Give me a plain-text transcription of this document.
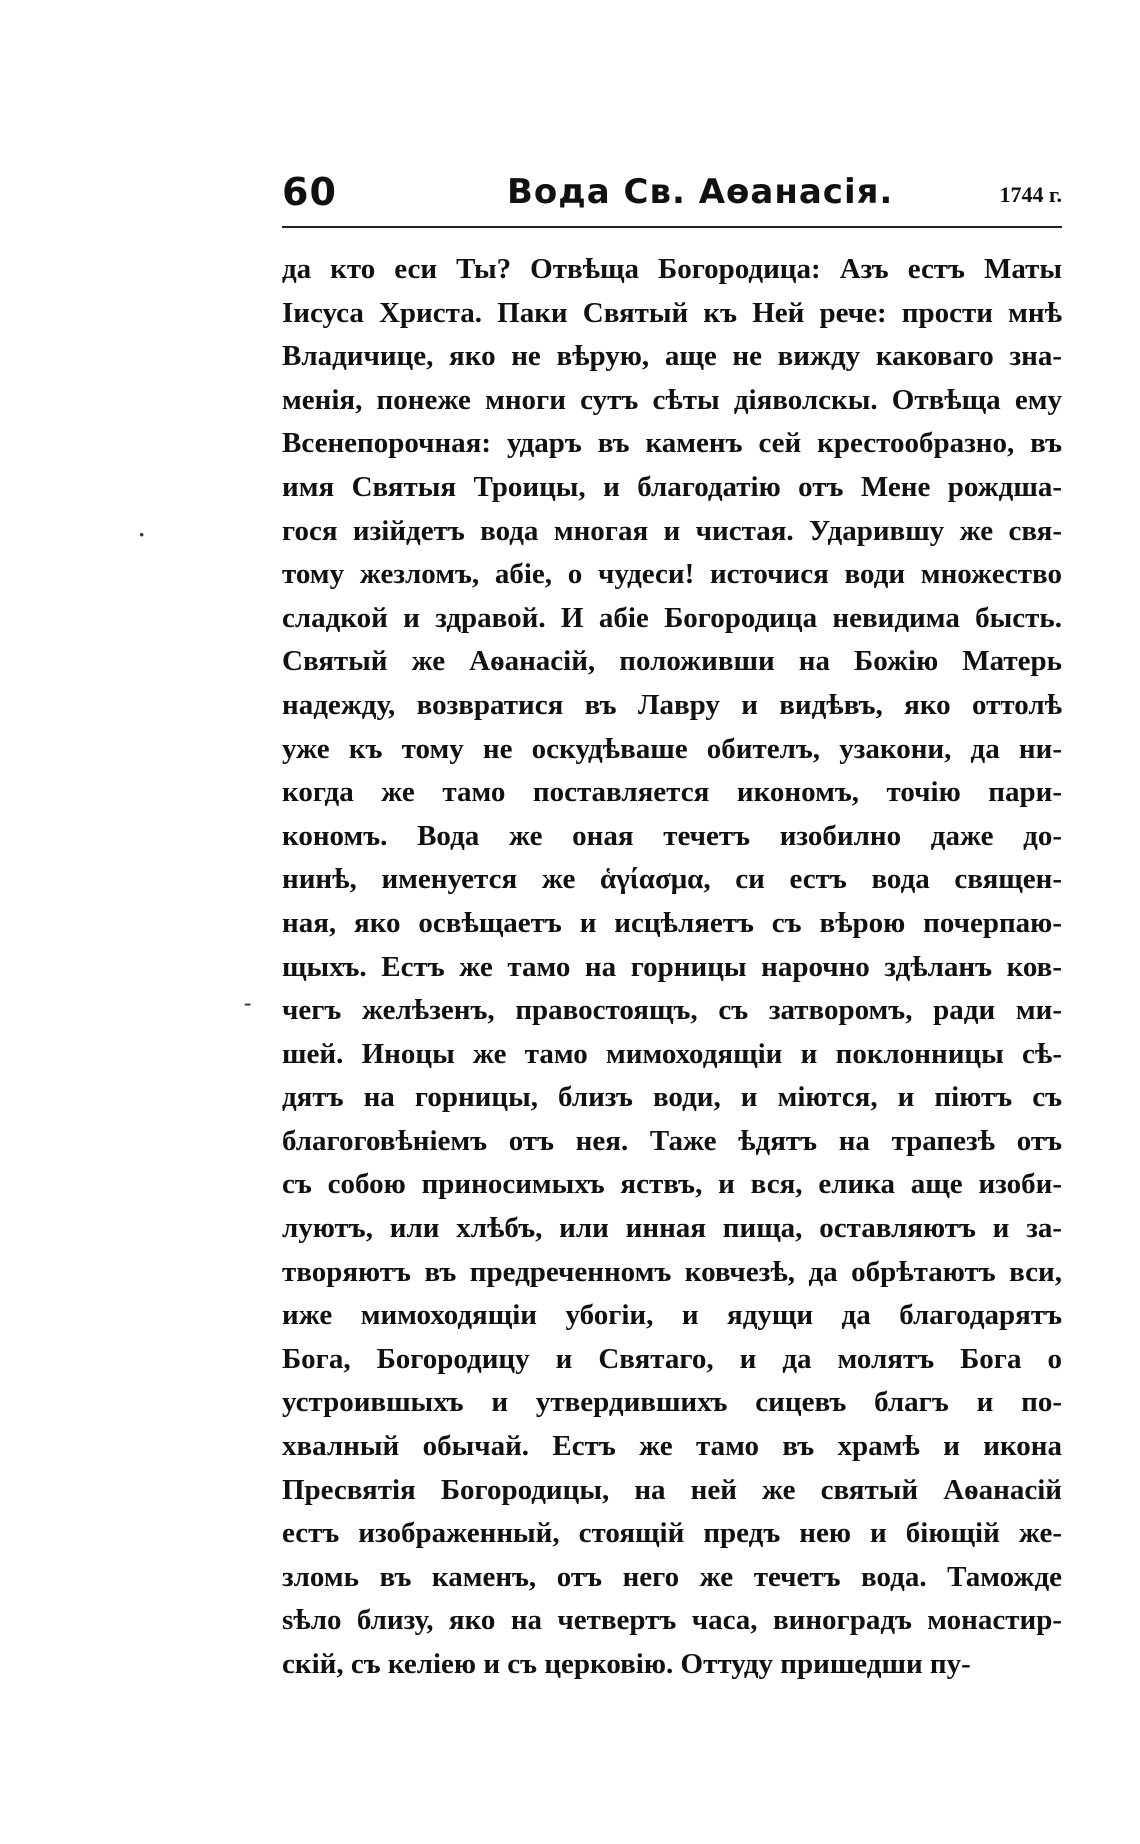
60	Вода Св. Аѳанасія.	1744 г.
да кто еси Ты? Отвѣща Богородица: Азъ естъ Маты
Іисуса Христа. Паки Святый къ Ней рече: прости мнѣ
Владичице, яко не вѣрую, аще не вижду каковаго зна-
менія, понеже многи сутъ сѣты діяволскы. Отвѣща ему
Всенепорочная: ударъ въ каменъ сей крестообразно, въ
имя Святыя Троицы, и благодатію отъ Мене рождша-
гося изійдетъ вода многая и чистая. Ударившу же свя-
тому жезломъ, абіе, о чудеси! источися води множество
сладкой и здравой. И абіе Богородица невидима бысть.
Святый же Аѳанасій, положивши на Божію Матерь
надежду, возвратися въ Лавру и видѣвъ, яко оттолѣ
уже къ тому не оскудѣваше обителъ, узакони, да ни-
когда же тамо поставляется икономъ, точію пари-
кономъ. Вода же оная течетъ изобилно даже до-
нинѣ, именуется же ἁγίασμα, си естъ вода священ-
ная, яко освѣщаетъ и исцѣляетъ съ вѣрою почерпаю-
щыхъ. Естъ же тамо на горницы нарочно здѣланъ ков-
чегъ желѣзенъ, правостоящъ, съ затворомъ, ради ми-
шей. Иноцы же тамо мимоходящіи и поклонницы сѣ-
дятъ на горницы, близъ води, и міются, и піютъ съ
благоговѣніемъ отъ нея. Таже ѣдятъ на трапезѣ отъ
съ собою приносимыхъ яствъ, и вся, елика аще изоби-
луютъ, или хлѣбъ, или инная пища, оставляютъ и за-
творяютъ въ предреченномъ ковчезѣ, да обрѣтаютъ вси,
иже мимоходящіи убогіи, и ядущи да благодарятъ
Бога, Богородицу и Святаго, и да молятъ Бога о
устроившыхъ и утвердившихъ сицевъ благъ и по-
хвалный обычай. Естъ же тамо въ храмѣ и икона
Пресвятія Богородицы, на ней же святый Аѳанасій
естъ изображенный, стоящій предъ нею и біющій же-
зломь въ каменъ, отъ него же течетъ вода. Таможде
ѕѣло близу, яко на четвертъ часа, виноградъ монастир-
скій, съ келіею и съ церковію. Оттуду пришедши пу-
·
-
